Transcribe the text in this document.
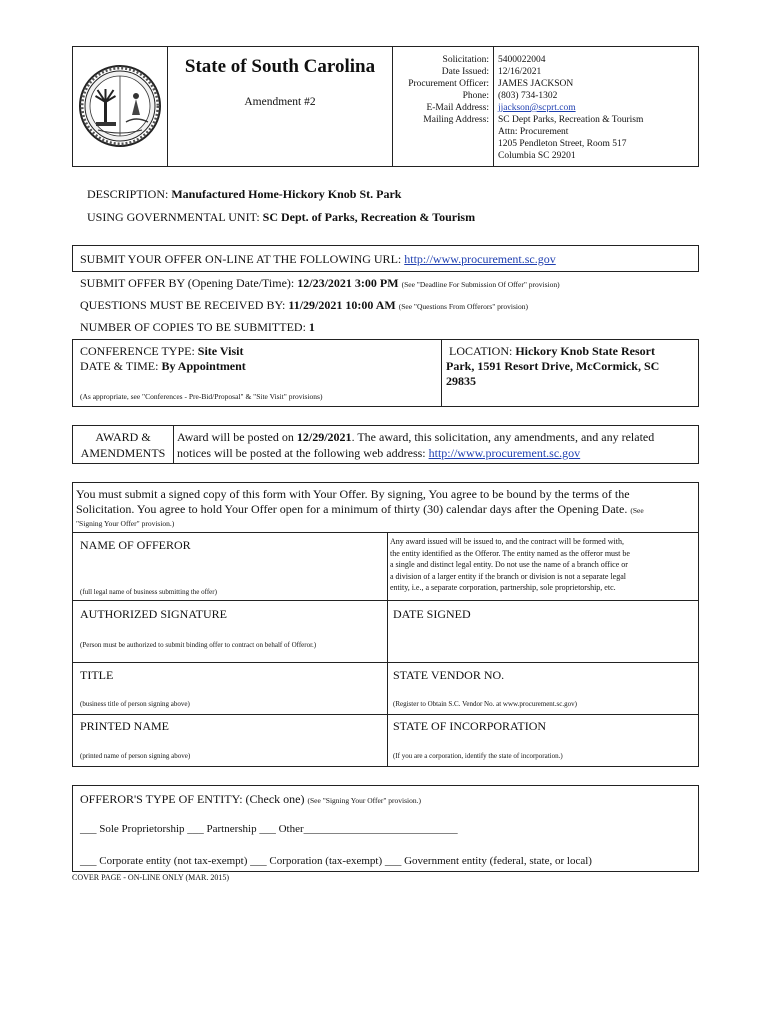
State of South Carolina
Amendment #2
Solicitation:
Date Issued:
Procurement Officer:
Phone:
E-Mail Address:
Mailing Address:
5400022004
12/16/2021
JAMES JACKSON
(803) 734-1302
jjackson@scprt.com
SC Dept Parks, Recreation & Tourism
Attn: Procurement
1205 Pendleton Street, Room 517
Columbia SC 29201
DESCRIPTION: Manufactured Home-Hickory Knob St. Park
USING GOVERNMENTAL UNIT: SC Dept. of Parks, Recreation & Tourism
SUBMIT YOUR OFFER ON-LINE AT THE FOLLOWING URL: http://www.procurement.sc.gov
SUBMIT OFFER BY (Opening Date/Time): 12/23/2021 3:00 PM (See "Deadline For Submission Of Offer" provision)
QUESTIONS MUST BE RECEIVED BY: 11/29/2021 10:00 AM (See "Questions From Offerors" provision)
NUMBER OF COPIES TO BE SUBMITTED: 1
CONFERENCE TYPE: Site Visit
DATE & TIME: By Appointment
(As appropriate, see "Conferences - Pre-Bid/Proposal" & "Site Visit" provisions)
LOCATION: Hickory Knob State Resort
Park, 1591 Resort Drive, McCormick, SC
29835
AWARD &
AMENDMENTS
Award will be posted on 12/29/2021. The award, this solicitation, any amendments, and any related
notices will be posted at the following web address: http://www.procurement.sc.gov
You must submit a signed copy of this form with Your Offer. By signing, You agree to be bound by the terms of the
Solicitation. You agree to hold Your Offer open for a minimum of thirty (30) calendar days after the Opening Date. (See
"Signing Your Offer" provision.)
NAME OF OFFEROR
(full legal name of business submitting the offer)
Any award issued will be issued to, and the contract will be formed with,
the entity identified as the Offeror. The entity named as the offeror must be
a single and distinct legal entity. Do not use the name of a branch office or
a division of a larger entity if the branch or division is not a separate legal
entity, i.e., a separate corporation, partnership, sole proprietorship, etc.
AUTHORIZED SIGNATURE
(Person must be authorized to submit binding offer to contract on behalf of Offeror.)
DATE SIGNED
TITLE
(business title of person signing above)
STATE VENDOR NO.
(Register to Obtain S.C. Vendor No. at www.procurement.sc.gov)
PRINTED NAME
(printed name of person signing above)
STATE OF INCORPORATION
(If you are a corporation, identify the state of incorporation.)
OFFEROR'S TYPE OF ENTITY: (Check one) (See "Signing Your Offer" provision.)
___ Sole Proprietorship ___ Partnership ___ Other____________________________
___ Corporate entity (not tax-exempt) ___ Corporation (tax-exempt) ___ Government entity (federal, state, or local)
COVER PAGE - ON-LINE ONLY (MAR. 2015)
